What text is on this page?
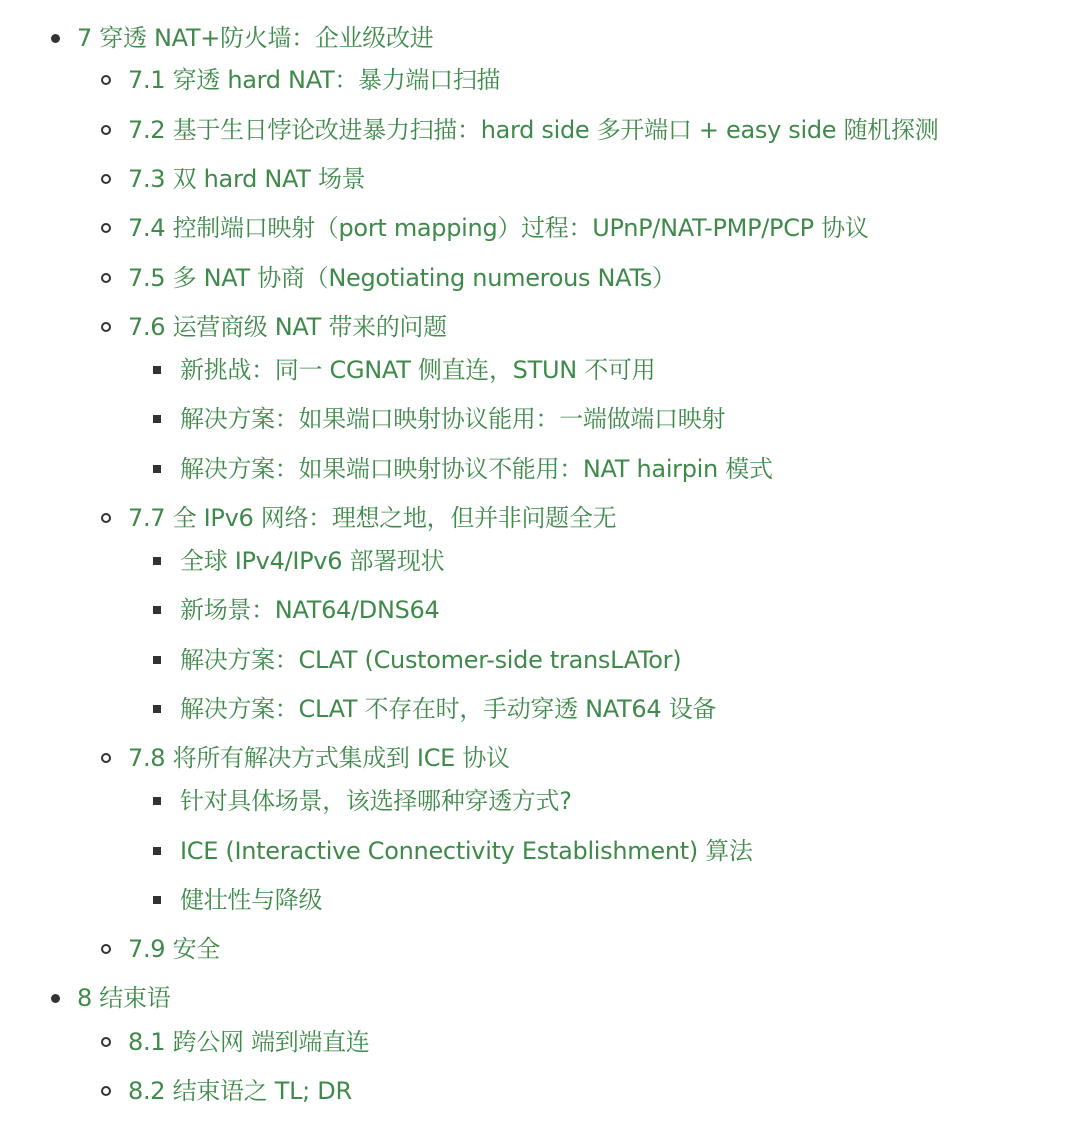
7 穿透 NAT+防火墙：企业级改进
7.1 穿透 hard NAT：暴力端口扫描
7.2 基于生日悖论改进暴力扫描：hard side 多开端口 + easy side 随机探测
7.3 双 hard NAT 场景
7.4 控制端口映射（port mapping）过程：UPnP/NAT-PMP/PCP 协议
7.5 多 NAT 协商（Negotiating numerous NATs）
7.6 运营商级 NAT 带来的问题
新挑战：同一 CGNAT 侧直连，STUN 不可用
解决方案：如果端口映射协议能用：一端做端口映射
解决方案：如果端口映射协议不能用：NAT hairpin 模式
7.7 全 IPv6 网络：理想之地，但并非问题全无
全球 IPv4/IPv6 部署现状
新场景：NAT64/DNS64
解决方案：CLAT (Customer-side transLATor)
解决方案：CLAT 不存在时，手动穿透 NAT64 设备
7.8 将所有解决方式集成到 ICE 协议
针对具体场景，该选择哪种穿透方式?
ICE (Interactive Connectivity Establishment) 算法
健壮性与降级
7.9 安全
8 结束语
8.1 跨公网 端到端直连
8.2 结束语之 TL; DR
